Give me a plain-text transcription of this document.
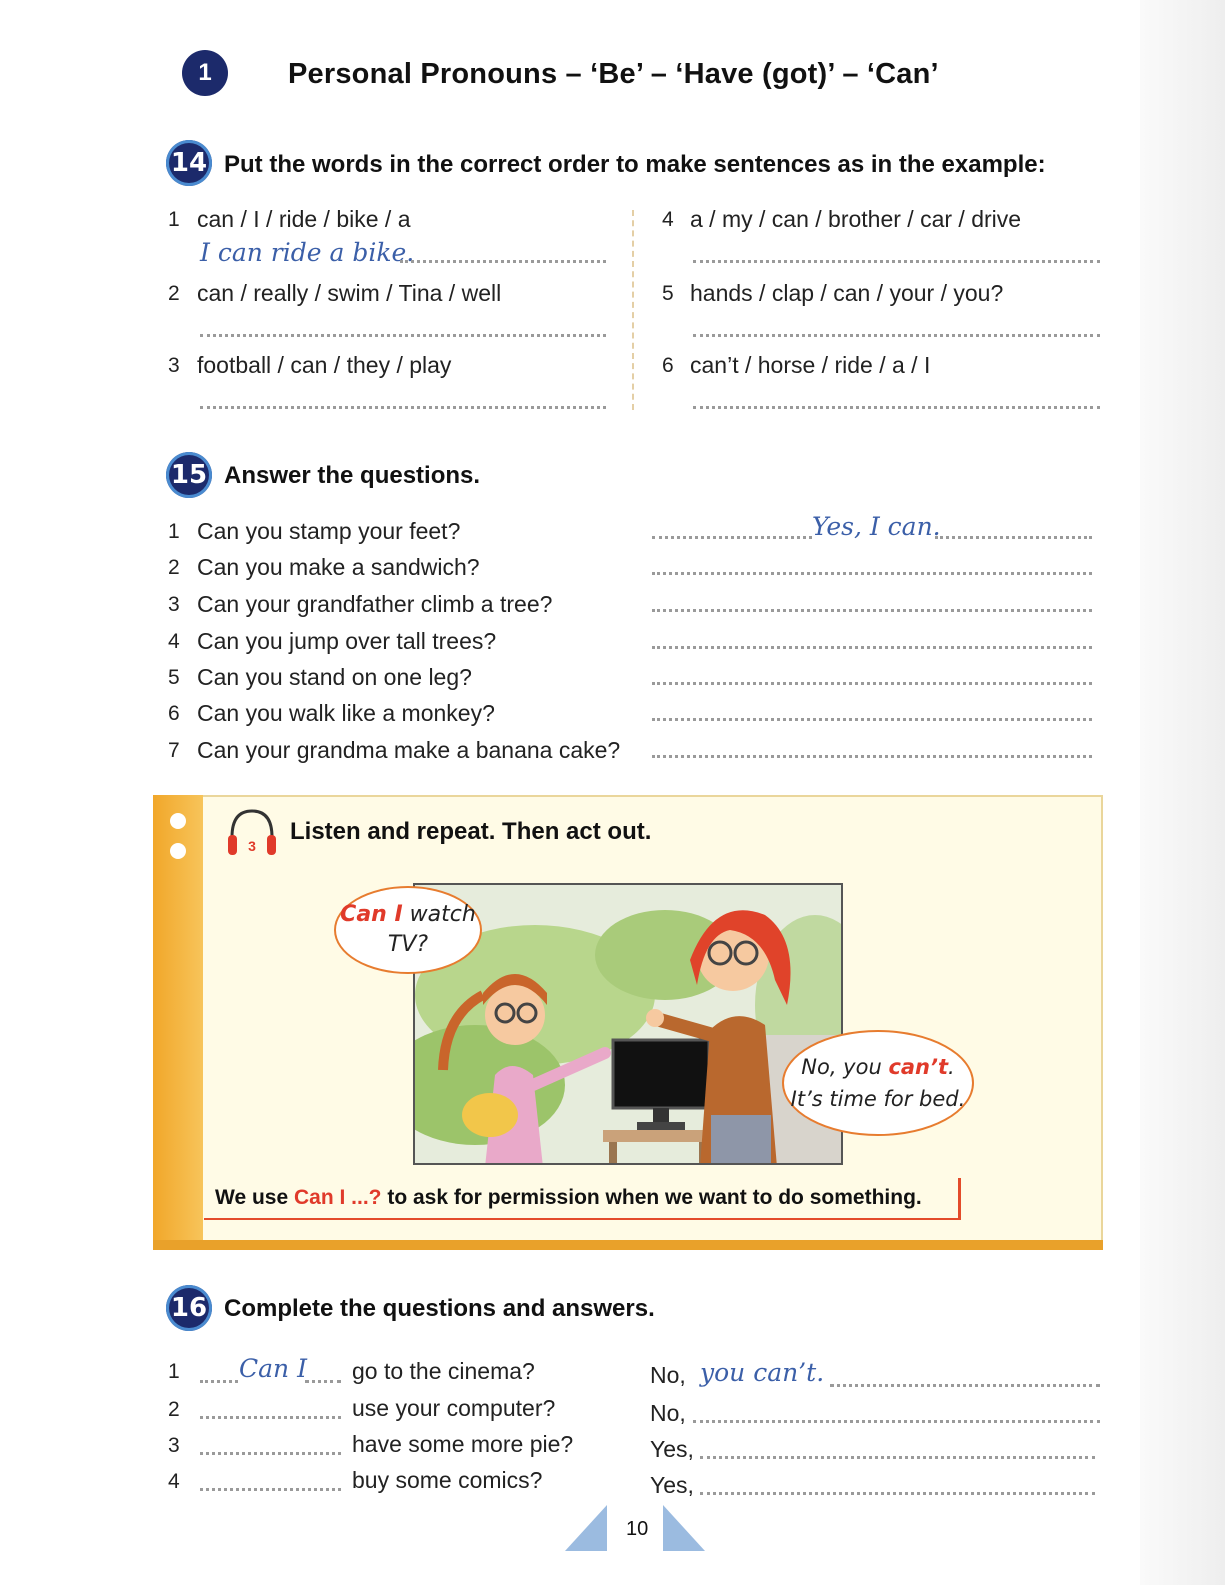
1	Personal Pronouns – ‘Be’ – ‘Have (got)’ – ‘Can’
14 Put the words in the correct order to make sentences as in the example:
1 can / I / ride / bike / a
I can ride a bike.
2 can / really / swim / Tina / well
3 football / can / they / play
4 a / my / can / brother / car / drive
5 hands / clap / can / your / you?
6 can’t / horse / ride / a / I
15 Answer the questions.
1 Can you stamp your feet?	Yes, I can.
2 Can you make a sandwich?
3 Can your grandfather climb a tree?
4 Can you jump over tall trees?
5 Can you stand on one leg?
6 Can you walk like a monkey?
7 Can your grandma make a banana cake?
3
Listen and repeat. Then act out.
Can I watch
TV?
No, you can’t.
It’s time for bed.
We use Can I ...? to ask for permission when we want to do something.
16 Complete the questions and answers.
1 Can I go to the cinema?	No, you can’t.
2	use your computer?	No,
3	have some more pie?	Yes,
4	buy some comics?	Yes,
10
